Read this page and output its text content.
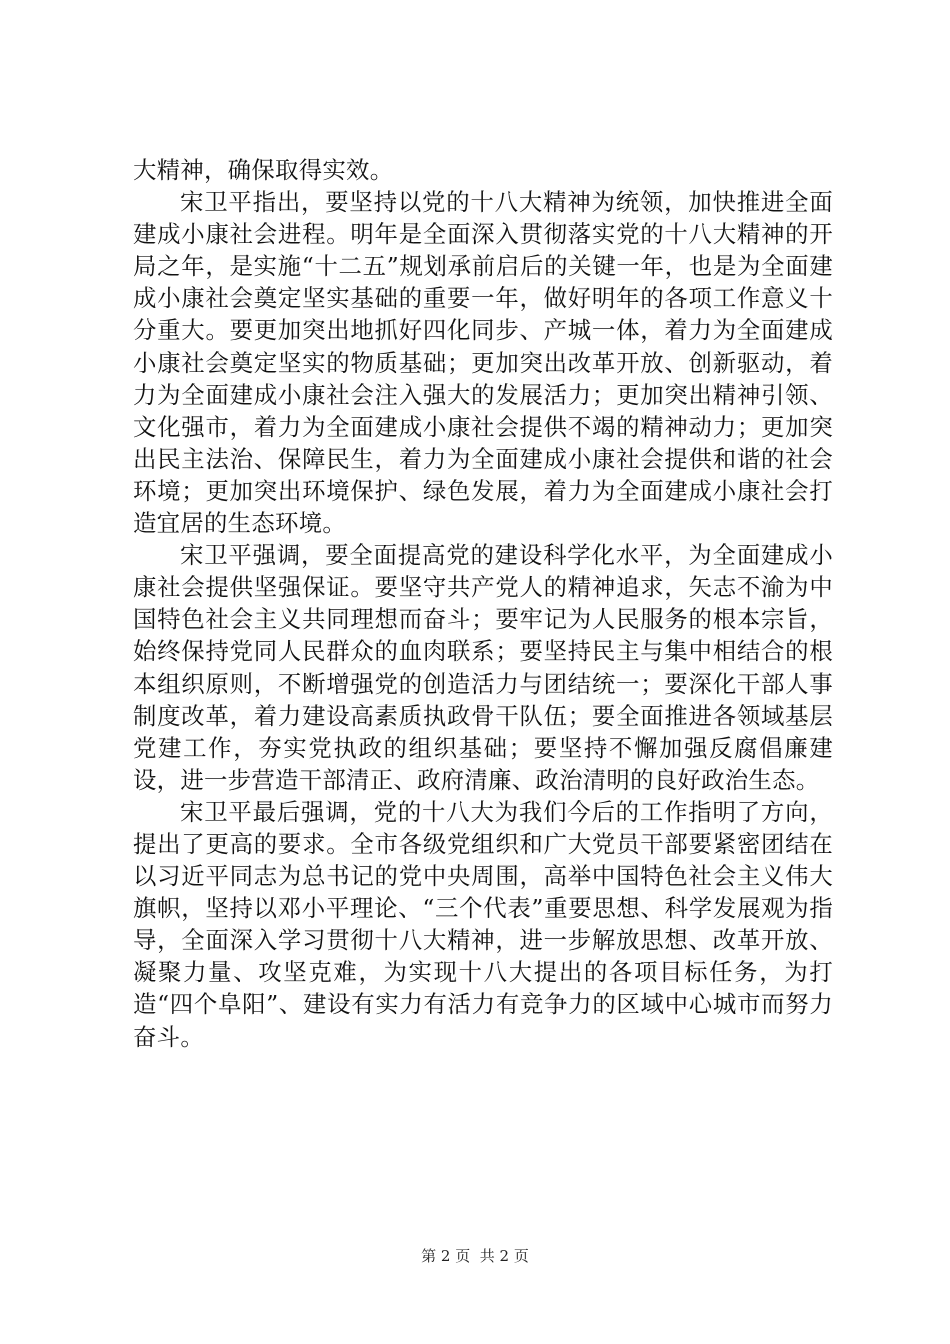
大精神，确保取得实效。

宋卫平指出，要坚持以党的十八大精神为统领，加快推进全面建成小康社会进程。明年是全面深入贯彻落实党的十八大精神的开局之年，是实施“十二五”规划承前启后的关键一年，也是为全面建成小康社会奠定坚实基础的重要一年，做好明年的各项工作意义十分重大。要更加突出地抓好四化同步、产城一体，着力为全面建成小康社会奠定坚实的物质基础；更加突出改革开放、创新驱动，着力为全面建成小康社会注入强大的发展活力；更加突出精神引领、文化强市，着力为全面建成小康社会提供不竭的精神动力；更加突出民主法治、保障民生，着力为全面建成小康社会提供和谐的社会环境；更加突出环境保护、绿色发展，着力为全面建成小康社会打造宜居的生态环境。

宋卫平强调，要全面提高党的建设科学化水平，为全面建成小康社会提供坚强保证。要坚守共产党人的精神追求，矢志不渝为中国特色社会主义共同理想而奋斗；要牢记为人民服务的根本宗旨，始终保持党同人民群众的血肉联系；要坚持民主与集中相结合的根本组织原则，不断增强党的创造活力与团结统一；要深化干部人事制度改革，着力建设高素质执政骨干队伍；要全面推进各领域基层党建工作，夯实党执政的组织基础；要坚持不懈加强反腐倡廉建设，进一步营造干部清正、政府清廉、政治清明的良好政治生态。

宋卫平最后强调，党的十八大为我们今后的工作指明了方向，提出了更高的要求。全市各级党组织和广大党员干部要紧密团结在以习近平同志为总书记的党中央周围，高举中国特色社会主义伟大旗帜，坚持以邓小平理论、“三个代表”重要思想、科学发展观为指导，全面深入学习贯彻十八大精神，进一步解放思想、改革开放、凝聚力量、攻坚克难，为实现十八大提出的各项目标任务，为打造“四个阜阳”、建设有实力有活力有竞争力的区域中心城市而努力奋斗。

第 2 页 共 2 页
